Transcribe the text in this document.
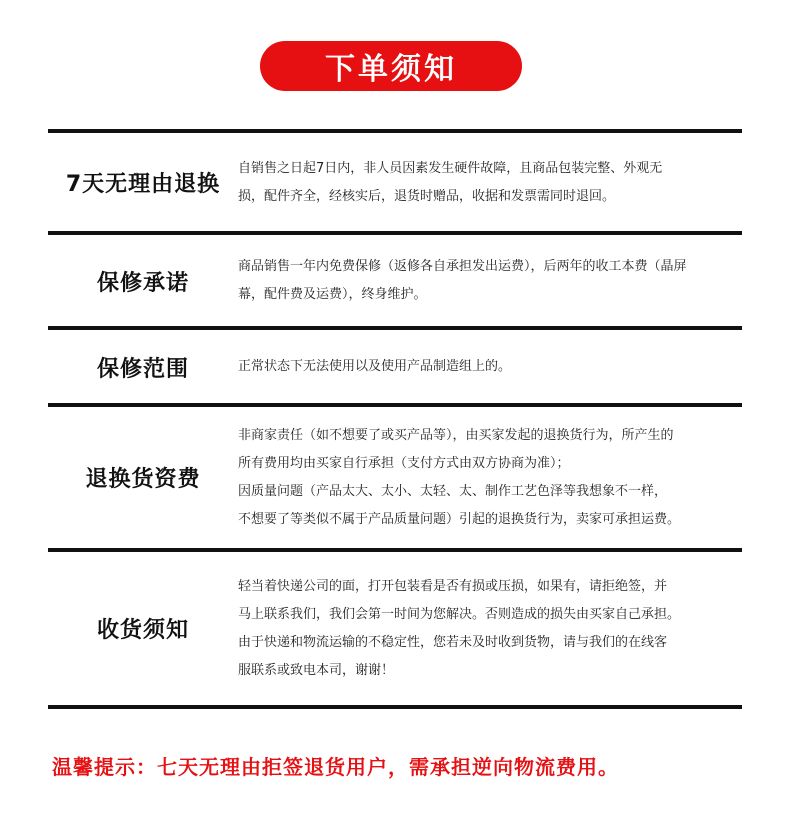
下单须知
7天无理由退换

自销售之日起7日内，非人员因素发生硬件故障，且商品包装完整、外观无

损，配件齐全，经核实后，退货时赠品，收据和发票需同时退回。

保修承诺

商品销售一年内免费保修（返修各自承担发出运费），后两年的收工本费（晶屏

幕，配件费及运费），终身维护。

保修范围	正常状态下无法使用以及使用产品制造组上的。

退换货资费

非商家责任（如不想要了或买产品等），由买家发起的退换货行为，所产生的

所有费用均由买家自行承担（支付方式由双方协商为准）；

因质量问题（产品太大、太小、太轻、太、制作工艺色泽等我想象不一样，

不想要了等类似不属于产品质量问题）引起的退换货行为，卖家可承担运费。

收货须知

轻当着快递公司的面，打开包装看是否有损或压损，如果有，请拒绝签，并

马上联系我们，我们会第一时间为您解决。否则造成的损失由买家自己承担。

由于快递和物流运输的不稳定性，您若未及时收到货物，请与我们的在线客

服联系或致电本司，谢谢！

温馨提示：七天无理由拒签退货用户，需承担逆向物流费用。
